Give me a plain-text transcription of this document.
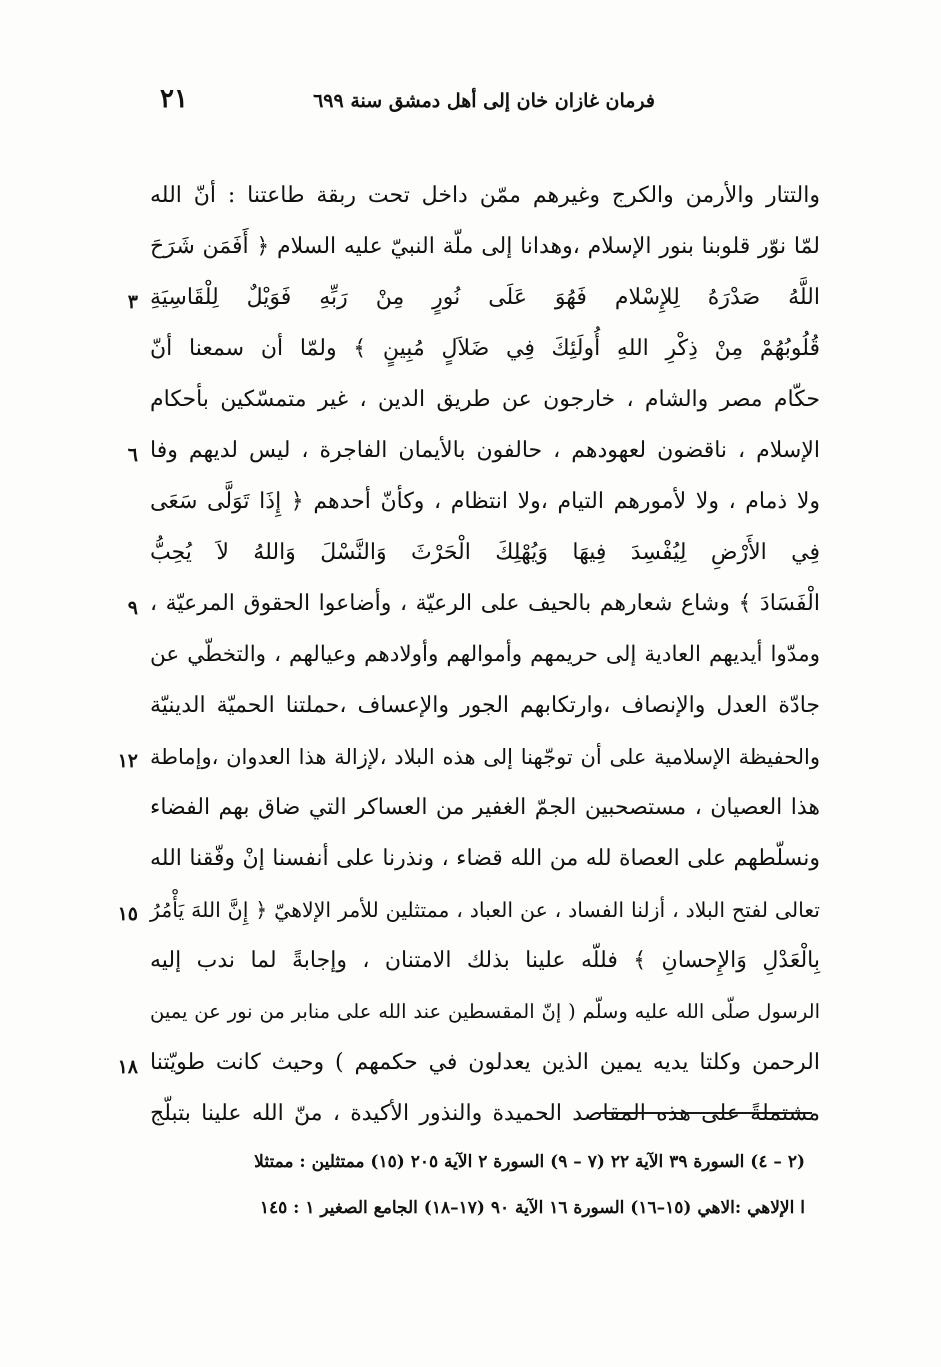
٢١	فرمان غازان خان إلى أهل دمشق سنة ٦٩٩
والتتار والأرمن والكرج وغيرهم ممّن داخل تحت ربقة طاعتنا : أنّ الله
لمّا نوّر قلوبنا بنور الإسلام ،وهدانا إلى ملّة النبيّ عليه السلام ﴿ أَفَمَن شَرَحَ
اللَّهُ صَدْرَهُ لِلإِسْلام فَهُوَ عَلَى نُورٍ مِنْ رَبِّهِ فَوَيْلٌ لِلْقَاسِيَةِ
٣
قُلُوبُهُمْ مِنْ ذِكْرِ اللهِ أُولَئِكَ فِي ضَلاَلٍ مُبِينٍ ﴾ ولمّا أن سمعنا أنّ
حكّام مصر والشام ، خارجون عن طريق الدين ، غير متمسّكين بأحكام
الإسلام ، ناقضون لعهودهم ، حالفون بالأيمان الفاجرة ، ليس لديهم وفا
٦
ولا ذمام ، ولا لأمورهم التيام ،ولا انتظام ، وكأنّ أحدهم ﴿ إِذَا تَوَلَّى سَعَى
فِي الأَرْضِ لِيُفْسِدَ فِيهَا وَيُهْلِكَ الْحَرْثَ وَالنَّسْلَ وَاللهُ لاَ يُحِبُّ
الْفَسَادَ ﴾ وشاع شعارهم بالحيف على الرعيّة ، وأضاعوا الحقوق المرعيّة ،
٩
ومدّوا أيديهم العادية إلى حريمهم وأموالهم وأولادهم وعيالهم ، والتخطّي عن
جادّة العدل والإنصاف ،وارتكابهم الجور والإعساف ،حملتنا الحميّة الدينيّة
والحفيظة الإسلامية على أن توجّهنا إلى هذه البلاد ،لإزالة هذا العدوان ،وإماطة
١٢
هذا العصيان ، مستصحبين الجمّ الغفير من العساكر التي ضاق بهم الفضاء
ونسلّطهم على العصاة لله من الله قضاء ، ونذرنا على أنفسنا إنْ وفّقنا الله
تعالى لفتح البلاد ، أزلنا الفساد ، عن العباد ، ممتثلين للأمر الإلاهيّ ﴿ إِنَّ اللهَ يَأْمُرُ
١٥
بِالْعَدْلِ وَالإِحسانِ ﴾ فللّه علينا بذلك الامتنان ، وإجابةً لما ندب إليه
الرسول صلّى الله عليه وسلّم ( إنّ المقسطين عند الله على منابر من نور عن يمين
الرحمن وكلتا يديه يمين الذين يعدلون في حكمهم ) وحيث كانت طويّتنا
١٨
مشتملةً على هذه المقاصد الحميدة والنذور الأكيدة ، منّ الله علينا بتبلّج
(٢ – ٤) السورة ٣٩ الآية ٢٢ (٧ – ٩) السورة ٢ الآية ٢٠٥ (١٥) ممتثلين : ممتثلا
ا الإلاهي :الاهي (١٥–١٦) السورة ١٦ الآية ٩٠ (١٧–١٨) الجامع الصغير ١ : ١٤٥
